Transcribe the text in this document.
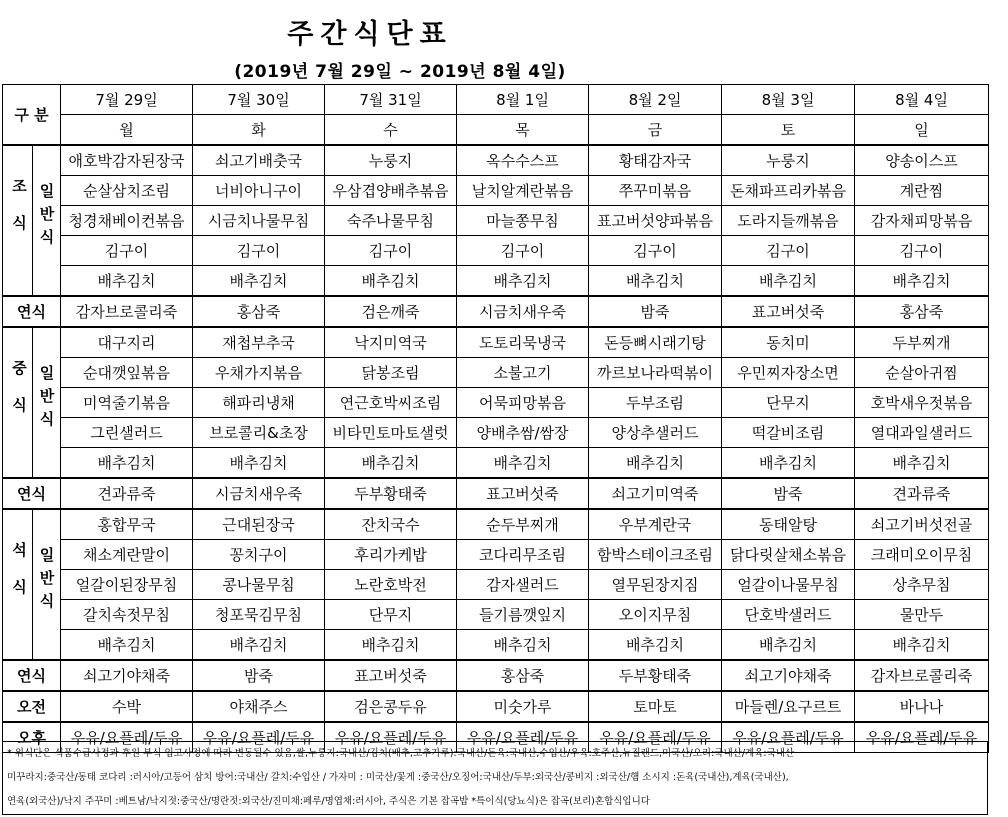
주간식단표
(2019년 7월 29일 ~ 2019년 8월 4일)
구 분		7월 29일	7월 30일	7월 31일	8월 1일	8월 2일	8월 3일	8월 4일
		월	화	수	목	금	토	일
조식	일반식	애호박감자된장국	쇠고기배춧국	누룽지	옥수수스프	황태감자국	누룽지	양송이스프
		순살삼치조림	너비아니구이	우삼겹양배추볶음	날치알계란볶음	쭈꾸미볶음	돈채파프리카볶음	계란찜
		청경채베이컨볶음	시금치나물무침	숙주나물무침	마늘쫑무침	표고버섯양파볶음	도라지들깨볶음	감자채피망볶음
		김구이	김구이	김구이	김구이	김구이	김구이	김구이
		배추김치	배추김치	배추김치	배추김치	배추김치	배추김치	배추김치
연식		감자브로콜리죽	홍삼죽	검은깨죽	시금치새우죽	밤죽	표고버섯죽	홍삼죽
중식	일반식	대구지리	재첩부추국	낙지미역국	도토리묵냉국	돈등뼈시래기탕	동치미	두부찌개
		순대깻잎볶음	우채가지볶음	닭봉조림	소불고기	까르보나라떡볶이	우민찌자장소면	순살아귀찜
		미역줄기볶음	해파리냉채	연근호박씨조림	어묵피망볶음	두부조림	단무지	호박새우젓볶음
		그린샐러드	브로콜리&초장	비타민토마토샐럿	양배추쌈/쌈장	양상추샐러드	떡갈비조림	열대과일샐러드
		배추김치	배추김치	배추김치	배추김치	배추김치	배추김치	배추김치
연식		견과류죽	시금치새우죽	두부황태죽	표고버섯죽	쇠고기미역죽	밤죽	견과류죽
석식	일반식	홍합무국	근대된장국	잔치국수	순두부찌개	우부계란국	동태알탕	쇠고기버섯전골
		채소계란말이	꽁치구이	후리가케밥	코다리무조림	함박스테이크조림	닭다릿살채소볶음	크래미오이무침
		얼갈이된장무침	콩나물무침	노란호박전	감자샐러드	열무된장지짐	얼갈이나물무침	상추무침
		갈치속젓무침	청포묵김무침	단무지	들기름깻잎지	오이지무침	단호박샐러드	물만두
		배추김치	배추김치	배추김치	배추김치	배추김치	배추김치	배추김치
연식		쇠고기야채죽	밤죽	표고버섯죽	홍삼죽	두부황태죽	쇠고기야채죽	감자브로콜리죽
오전		수박	야채주스	검은콩두유	미숫가루	토마토	마들렌/요구르트	바나나
오후		우유/요플레/두유	우유/요플레/두유	우유/요플레/두유	우유/요플레/두유	우유/요플레/두유	우유/요플레/두유	우유/요플레/두유
* 위식단은 식품수급사정과 후원 부식 입고사정에 따라 변동될수 있음,쌀,누룽지:국내산/김치(배추,고추가루):국내산/돈육:국내산,수입산/우육:호주산,뉴질랜드,미국산/오리:국내산/계육:국내산
미꾸라지:중국산/동태 코다리 :러시아/고등어 삼치 방어:국내산/ 갈치:수입산 / 가자미 : 미국산/꽃게 :중국산/오징어:국내산/두부:외국산/콩비지 :외국산/햄 소시지 :돈육(국내산),계육(국내산),
연육(외국산)/낙지 주꾸미 :베트남/낙지젓:중국산/명란젓:외국산/진미채:페루/명엽채:러시아, 주식은 기본 잡곡밥 *특이식(당뇨식)은 잡곡(보리)혼합식입니다
